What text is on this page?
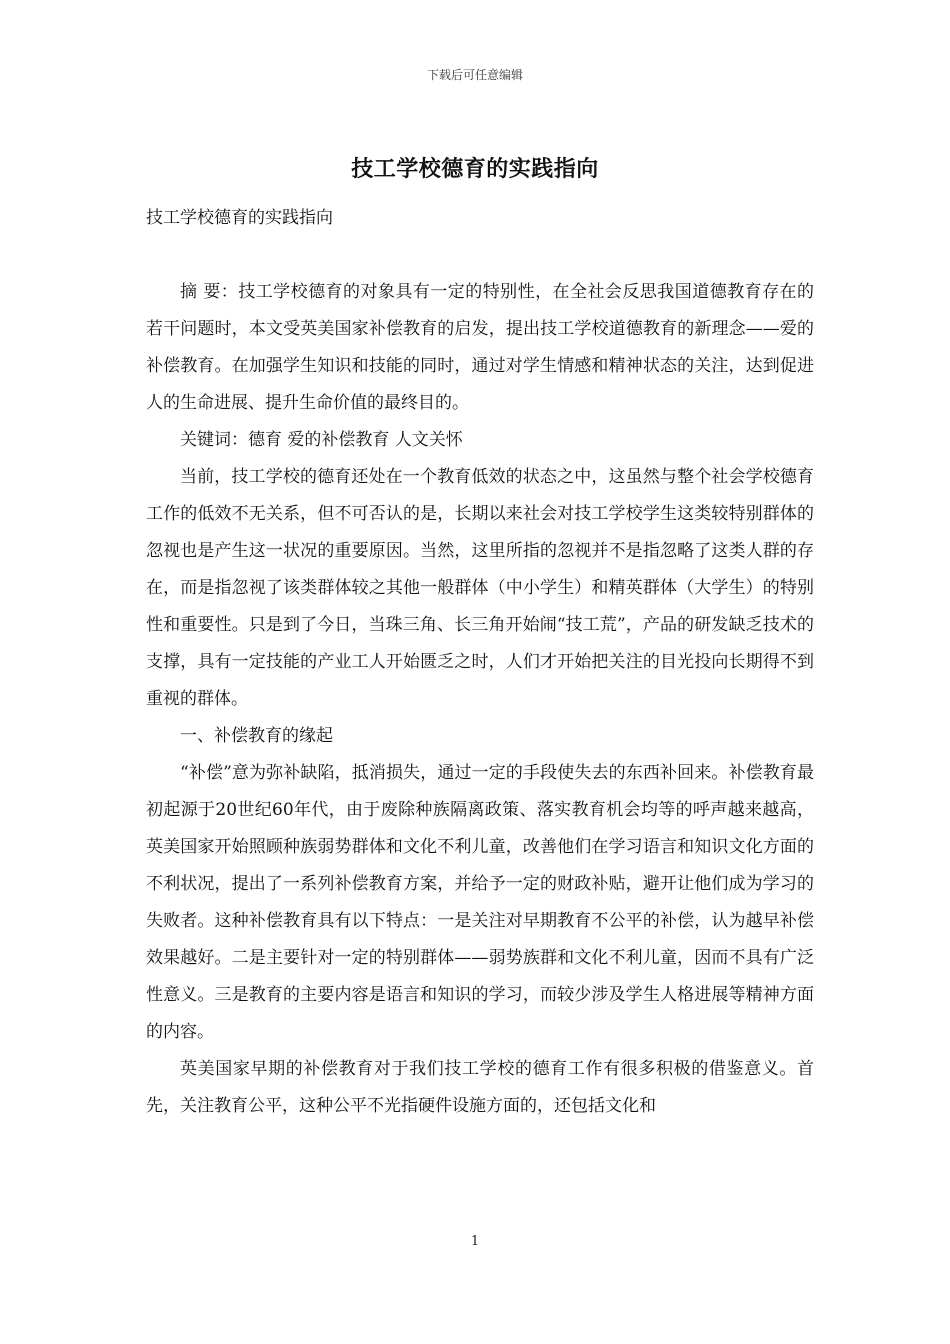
下载后可任意编辑
技工学校德育的实践指向

技工学校德育的实践指向

摘 要：技工学校德育的对象具有一定的特别性，在全社会反思我国道德教育存在的若干问题时，本文受英美国家补偿教育的启发，提出技工学校道德教育的新理念——爱的补偿教育。在加强学生知识和技能的同时，通过对学生情感和精神状态的关注，达到促进人的生命进展、提升生命价值的最终目的。

关键词：德育 爱的补偿教育 人文关怀

当前，技工学校的德育还处在一个教育低效的状态之中，这虽然与整个社会学校德育工作的低效不无关系，但不可否认的是，长期以来社会对技工学校学生这类较特别群体的忽视也是产生这一状况的重要原因。当然，这里所指的忽视并不是指忽略了这类人群的存在，而是指忽视了该类群体较之其他一般群体（中小学生）和精英群体（大学生）的特别性和重要性。只是到了今日，当珠三角、长三角开始闹“技工荒”，产品的研发缺乏技术的支撑，具有一定技能的产业工人开始匮乏之时，人们才开始把关注的目光投向长期得不到重视的群体。

一、补偿教育的缘起

“补偿”意为弥补缺陷，抵消损失，通过一定的手段使失去的东西补回来。补偿教育最初起源于20世纪60年代，由于废除种族隔离政策、落实教育机会均等的呼声越来越高，英美国家开始照顾种族弱势群体和文化不利儿童，改善他们在学习语言和知识文化方面的不利状况，提出了一系列补偿教育方案，并给予一定的财政补贴，避开让他们成为学习的失败者。这种补偿教育具有以下特点：一是关注对早期教育不公平的补偿，认为越早补偿效果越好。二是主要针对一定的特别群体——弱势族群和文化不利儿童，因而不具有广泛性意义。三是教育的主要内容是语言和知识的学习，而较少涉及学生人格进展等精神方面的内容。

英美国家早期的补偿教育对于我们技工学校的德育工作有很多积极的借鉴意义。首先，关注教育公平，这种公平不光指硬件设施方面的，还包括文化和

1
